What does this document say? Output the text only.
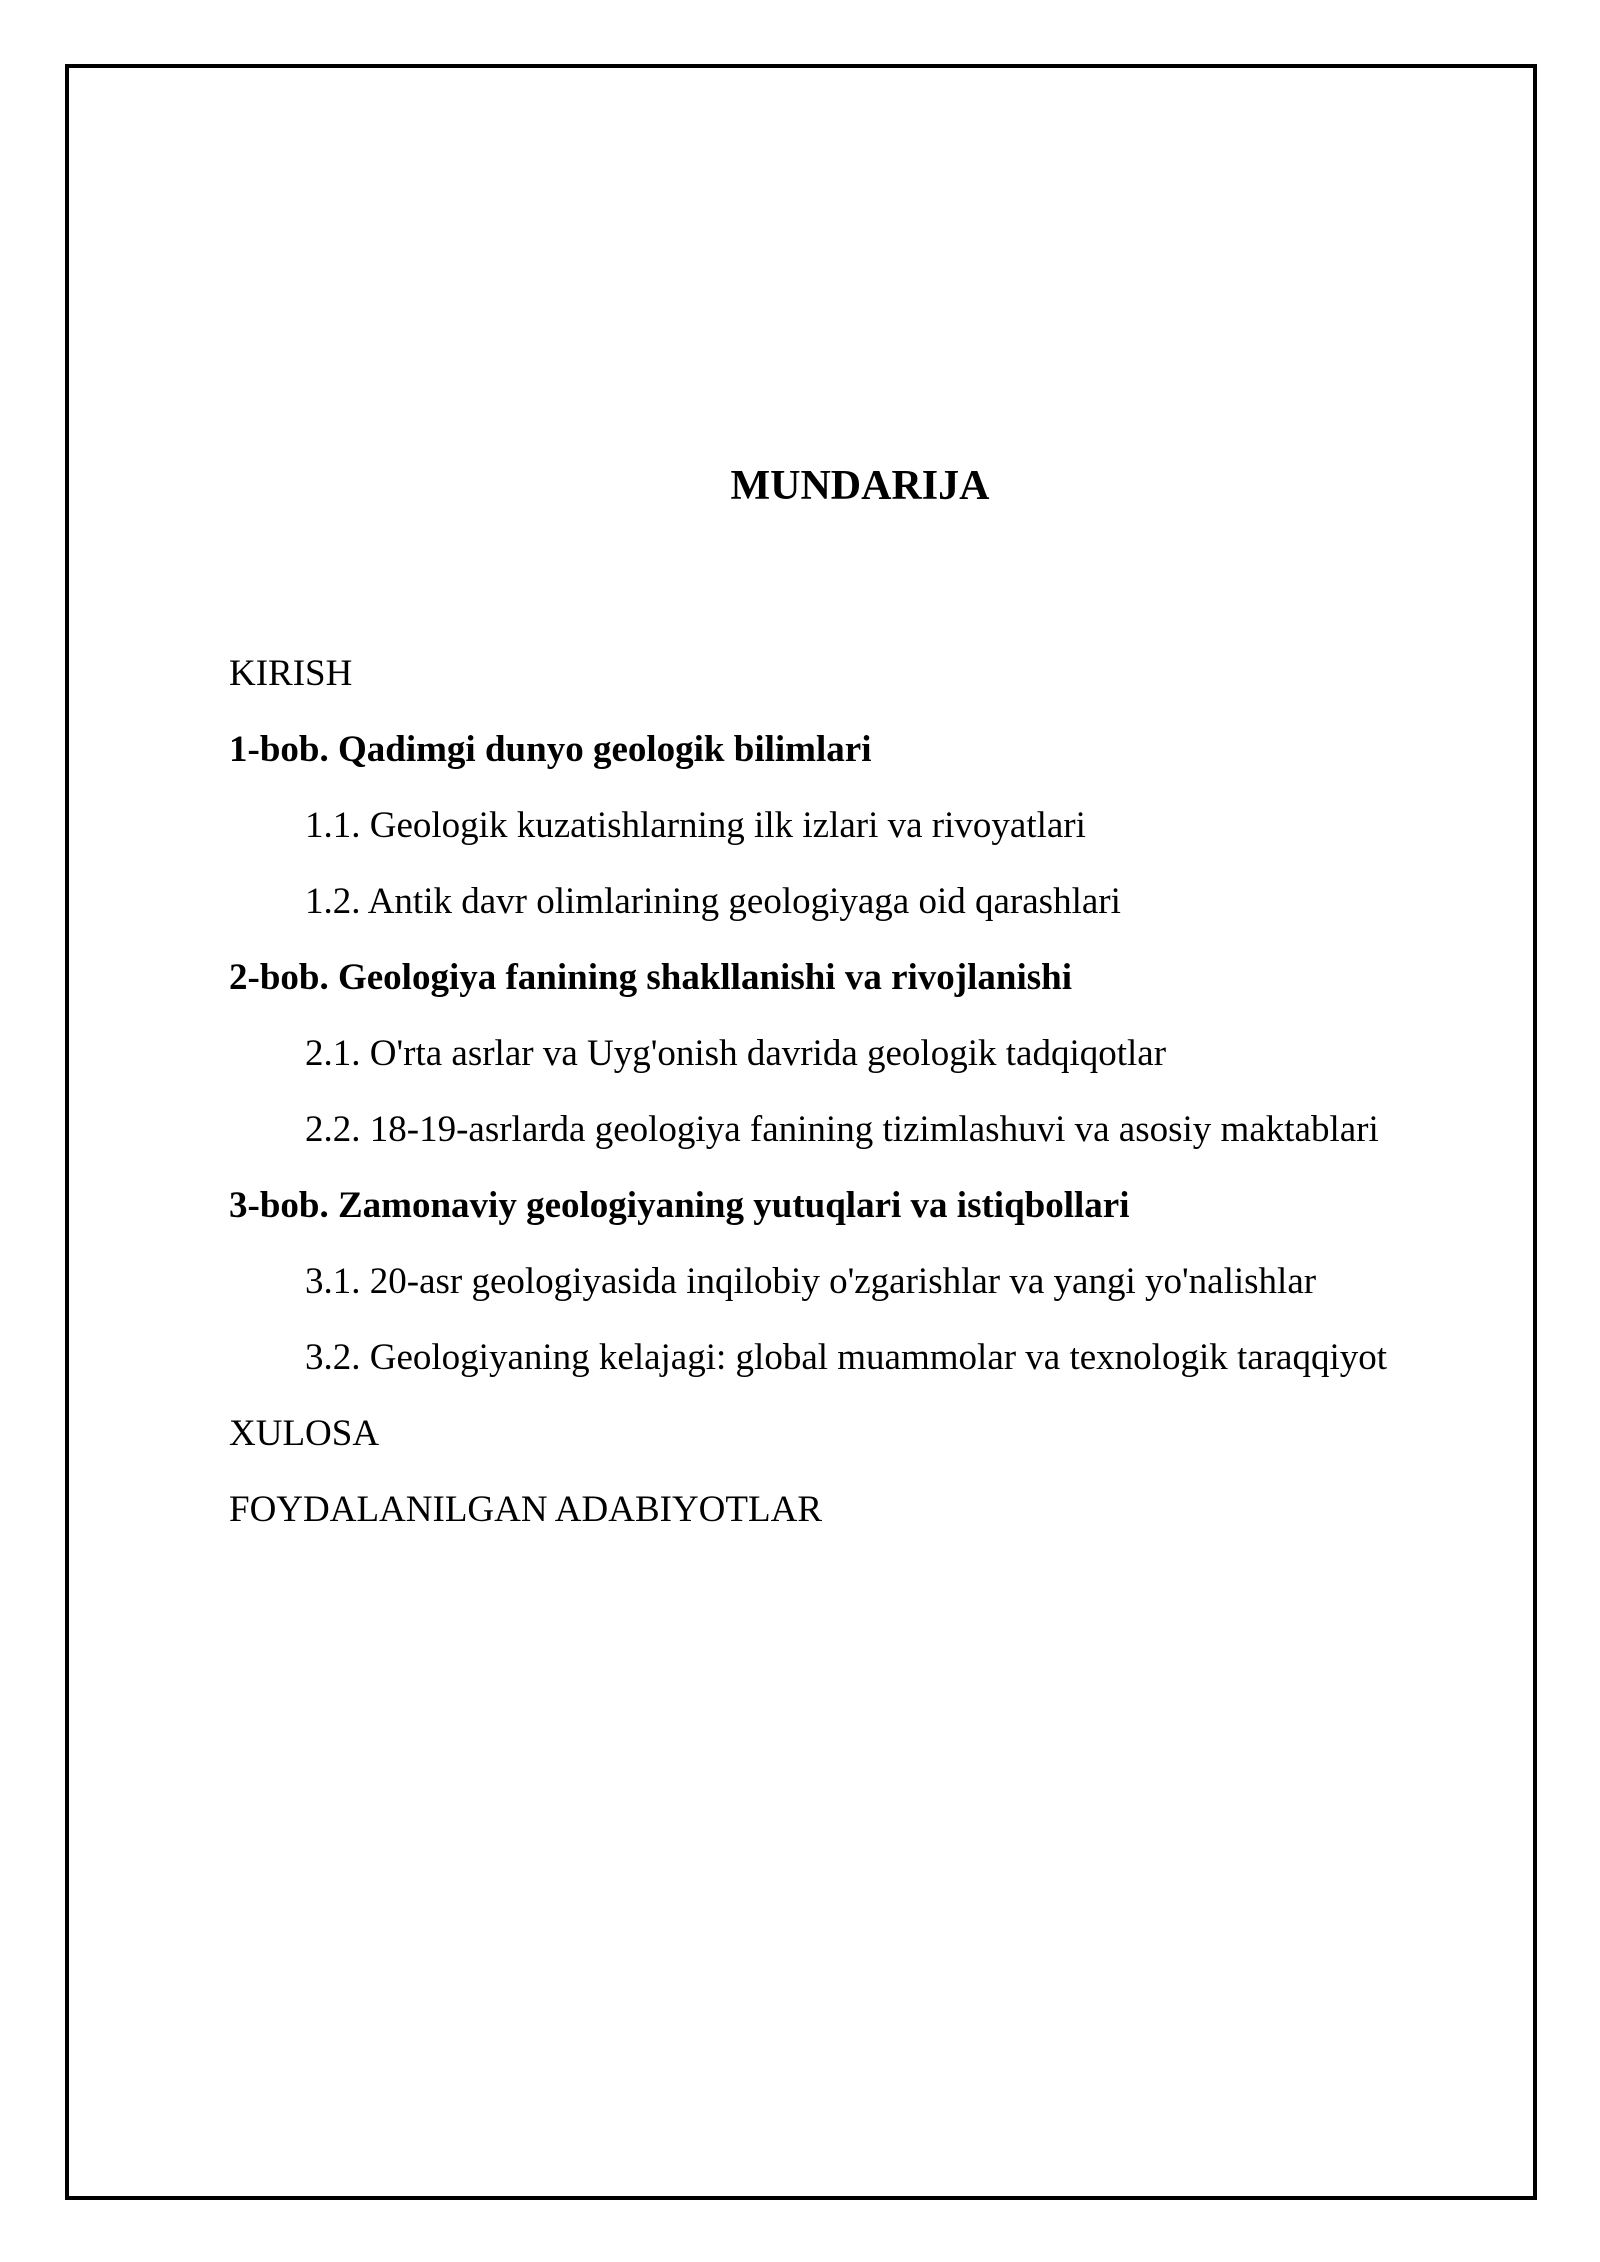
MUNDARIJA
KIRISH
1-bob. Qadimgi dunyo geologik bilimlari
1.1. Geologik kuzatishlarning ilk izlari va rivoyatlari
1.2. Antik davr olimlarining geologiyaga oid qarashlari
2-bob. Geologiya fanining shakllanishi va rivojlanishi
2.1. O'rta asrlar va Uyg'onish davrida geologik tadqiqotlar
2.2. 18-19-asrlarda geologiya fanining tizimlashuvi va asosiy maktablari
3-bob. Zamonaviy geologiyaning yutuqlari va istiqbollari
3.1. 20-asr geologiyasida inqilobiy o'zgarishlar va yangi yo'nalishlar
3.2. Geologiyaning kelajagi: global muammolar va texnologik taraqqiyot
XULOSA
FOYDALANILGAN ADABIYOTLAR
